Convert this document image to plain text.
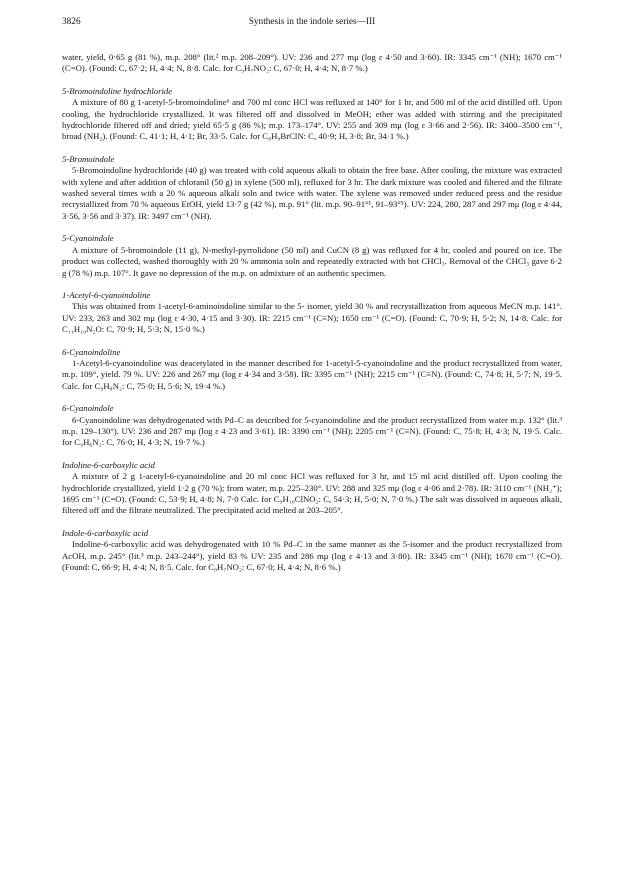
3826	Synthesis in the indole series—III

water, yield, 0·65 g (81 %), m.p. 208° (lit.² m.p. 208–209°). UV: 236 and 277 mμ (log ε 4·50 and 3·60). IR: 3345 cm⁻¹ (NH); 1670 cm⁻¹ (C=O). (Found: C, 67·2; H, 4·4; N, 8·8. Calc. for C₉H₇NO₂: C, 67·0; H, 4·4; N, 8·7 %.)

5-Bromoindoline hydrochloride

A mixture of 80 g 1-acetyl-5-bromoindoline⁶ and 700 ml conc HCl was refluxed at 140° for 1 hr, and 500 ml of the acid distilled off. Upon cooling, the hydrochloride crystallized. It was filtered off and dissolved in MeOH; ether was added with stirring and the precipitated hydrochloride filtered off and dried; yield 65·5 g (86 %); m.p. 173–174°. UV: 255 and 309 mμ (log ε 3·66 and 2·56). IR: 3400–3500 cm⁻¹, broad (NH₂). (Found: C, 41·1; H, 4·1; Br, 33·5. Calc. for C₈H₉BrClN: C, 40·9; H, 3·8; Br, 34·1 %.)

5-Bromoindole

5-Bromoindoline hydrochloride (40 g) was treated with cold aqueous alkali to obtain the free base. After cooling, the mixture was extracted with xylene and after addition of chloranil (50 g) in xylene (500 ml), refluxed for 3 hr. The dark mixture was cooled and filtered and the filtrate washed several times with a 20 % aqueous alkali soln and twice with water. The xylene was removed under reduced press and the residue recrystallized from 70 % aqueous EtOH, yield 13·7 g (42 %), m.p. 91° (lit. m.p. 90–91°¹, 91–93°⁵). UV: 224, 280, 287 and 297 mμ (log ε 4·44, 3·56, 3·56 and 3·37). IR: 3497 cm⁻¹ (NH).

5-Cyanoindole

A mixture of 5-bromoindole (11 g), N-methyl-pyrrolidone (50 ml) and CuCN (8 g) was refluxed for 4 hr, cooled and poured on ice. The product was collected, washed thoroughly with 20 % ammonia soln and repeatedly extracted with hot CHCl₃. Removal of the CHCl₃ gave 6·2 g (78 %) m.p. 107°. It gave no depression of the m.p. on admixture of an authentic specimen.

1-Acetyl-6-cyanoindoline

This was obtained from 1-acetyl-6-aminoindoline similar to the 5- isomer, yield 30 % and recrystallization from aqueous MeCN m.p. 141°. UV: 233, 263 and 302 mμ (log ε 4·30, 4·15 and 3·30). IR: 2215 cm⁻¹ (C≡N); 1650 cm⁻¹ (C=O). (Found: C, 70·9; H, 5·2; N, 14·8. Calc. for C₁₁H₁₀N₂O: C, 70·9; H, 5·3; N, 15·0 %.)

6-Cyanoindoline

1-Acetyl-6-cyanoindoline was deacetylated in the manner described for 1-acetyl-5-cyanoindoline and the product recrystallized from water, m.p. 109°, yield. 79 %. UV: 226 and 267 mμ (log ε 4·34 and 3·58). IR: 3395 cm⁻¹ (NH); 2215 cm⁻¹ (C≡N). (Found: C, 74·8; H, 5·7; N, 19·5. Calc. for C₉H₈N₂: C, 75·0; H, 5·6; N, 19·4 %.)

6-Cyanoindole

6-Cyanoindoline was dehydrogenated with Pd–C as described for 5-cyanoindoline and the product recrystallized from water m.p. 132° (lit.³ m.p. 129–130°). UV: 236 and 287 mμ (log ε 4·23 and 3·61). IR: 3390 cm⁻¹ (NH); 2205 cm⁻¹ (C≡N). (Found: C, 75·8; H, 4·3; N, 19·5. Calc. for C₉H₆N₂: C, 76·0; H, 4·3; N, 19·7 %.)

Indoline-6-carboxylic acid

A mixture of 2 g 1-acetyl-6-cyanoindoline and 20 ml conc HCl was refluxed for 3 hr, and 15 ml acid distilled off. Upon cooling the hydrochloride crystallized, yield 1·2 g (70 %); from water, m.p. 225–230°. UV: 288 and 325 mμ (log ε 4·06 and 2·78). IR: 3110 cm⁻¹ (NH₂⁺); 1695 cm⁻¹ (C=O). (Found: C, 53·9; H, 4·8; N, 7·0 Calc. for C₉H₁₀ClNO₂: C, 54·3; H, 5·0; N, 7·0 %.) The salt was dissolved in aqueous alkali, filtered off and the filtrate neutralized. The precipitated acid melted at 203–205°.

Indole-6-carboxylic acid

Indoline-6-carboxylic acid was dehydrogenated with 10 % Pd–C in the same manner as the 5-isomer and the product recrystallized from AcOH, m.p. 245° (lit.³ m.p. 243–244°), yield 83 % UV: 235 and 286 mμ (log ε 4·13 and 3·80). IR: 3345 cm⁻¹ (NH); 1670 cm⁻¹ (C=O). (Found: C, 66·9; H, 4·4; N, 8·5. Calc. for C₉H₇NO₂: C, 67·0; H, 4·4; N, 8·6 %.)
